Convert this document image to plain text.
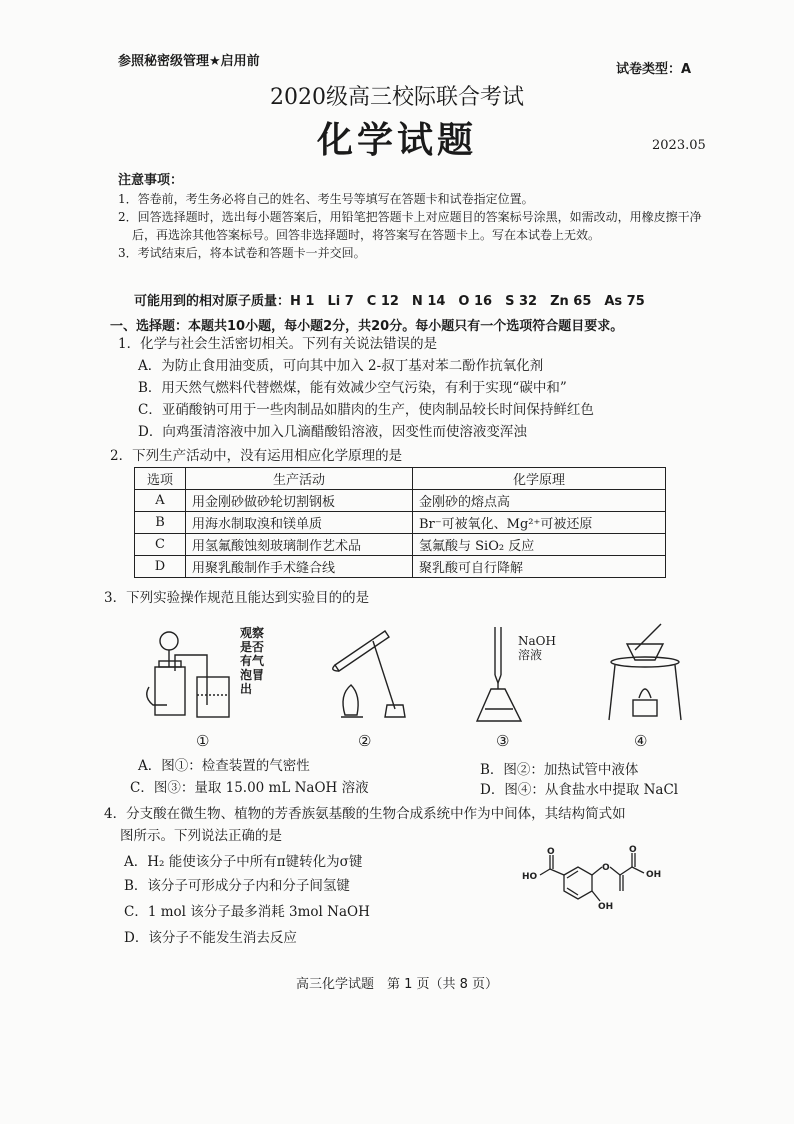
参照秘密级管理★启用前
试卷类型：A
2020级高三校际联合考试
化学试题	2023.05
注意事项：
1．答卷前，考生务必将自己的姓名、考生号等填写在答题卡和试卷指定位置。
2．回答选择题时，选出每小题答案后，用铅笔把答题卡上对应题目的答案标号涂黑，如需改动，用橡皮擦干净后，再选涂其他答案标号。回答非选择题时，将答案写在答题卡上。写在本试卷上无效。
3．考试结束后，将本试卷和答题卡一并交回。
可能用到的相对原子质量：H 1　Li 7　C 12　N 14　O 16　S 32　Zn 65　As 75
一、选择题：本题共10小题，每小题2分，共20分。每小题只有一个选项符合题目要求。
1．化学与社会生活密切相关。下列有关说法错误的是
A．为防止食用油变质，可向其中加入 2-叔丁基对苯二酚作抗氧化剂
B．用天然气燃料代替燃煤，能有效减少空气污染，有利于实现“碳中和”
C．亚硝酸钠可用于一些肉制品如腊肉的生产，使肉制品较长时间保持鲜红色
D．向鸡蛋清溶液中加入几滴醋酸铅溶液，因变性而使溶液变浑浊
2．下列生产活动中，没有运用相应化学原理的是
选项	生产活动	化学原理
A	用金刚砂做砂轮切割钢板	金刚砂的熔点高
B	用海水制取溴和镁单质	Br⁻可被氧化、Mg²⁺可被还原
C	用氢氟酸蚀刻玻璃制作艺术品	氢氟酸与 SiO₂ 反应
D	用聚乳酸制作手术缝合线	聚乳酸可自行降解
3．下列实验操作规范且能达到实验目的的是
观察
是否
有气
泡冒
出
NaOH
溶液
①	②	③	④
A．图①：检查装置的气密性	B．图②：加热试管中液体
C．图③：量取 15.00 mL NaOH 溶液	D．图④：从食盐水中提取 NaCl
4．分支酸在微生物、植物的芳香族氨基酸的生物合成系统中作为中间体，其结构简式如
图所示。下列说法正确的是
A．H₂ 能使该分子中所有π键转化为σ键
B．该分子可形成分子内和分子间氢键
C．1 mol 该分子最多消耗 3mol NaOH
D．该分子不能发生消去反应
HO
O
O
OH
O
OH
高三化学试题　第 1 页（共 8 页）
